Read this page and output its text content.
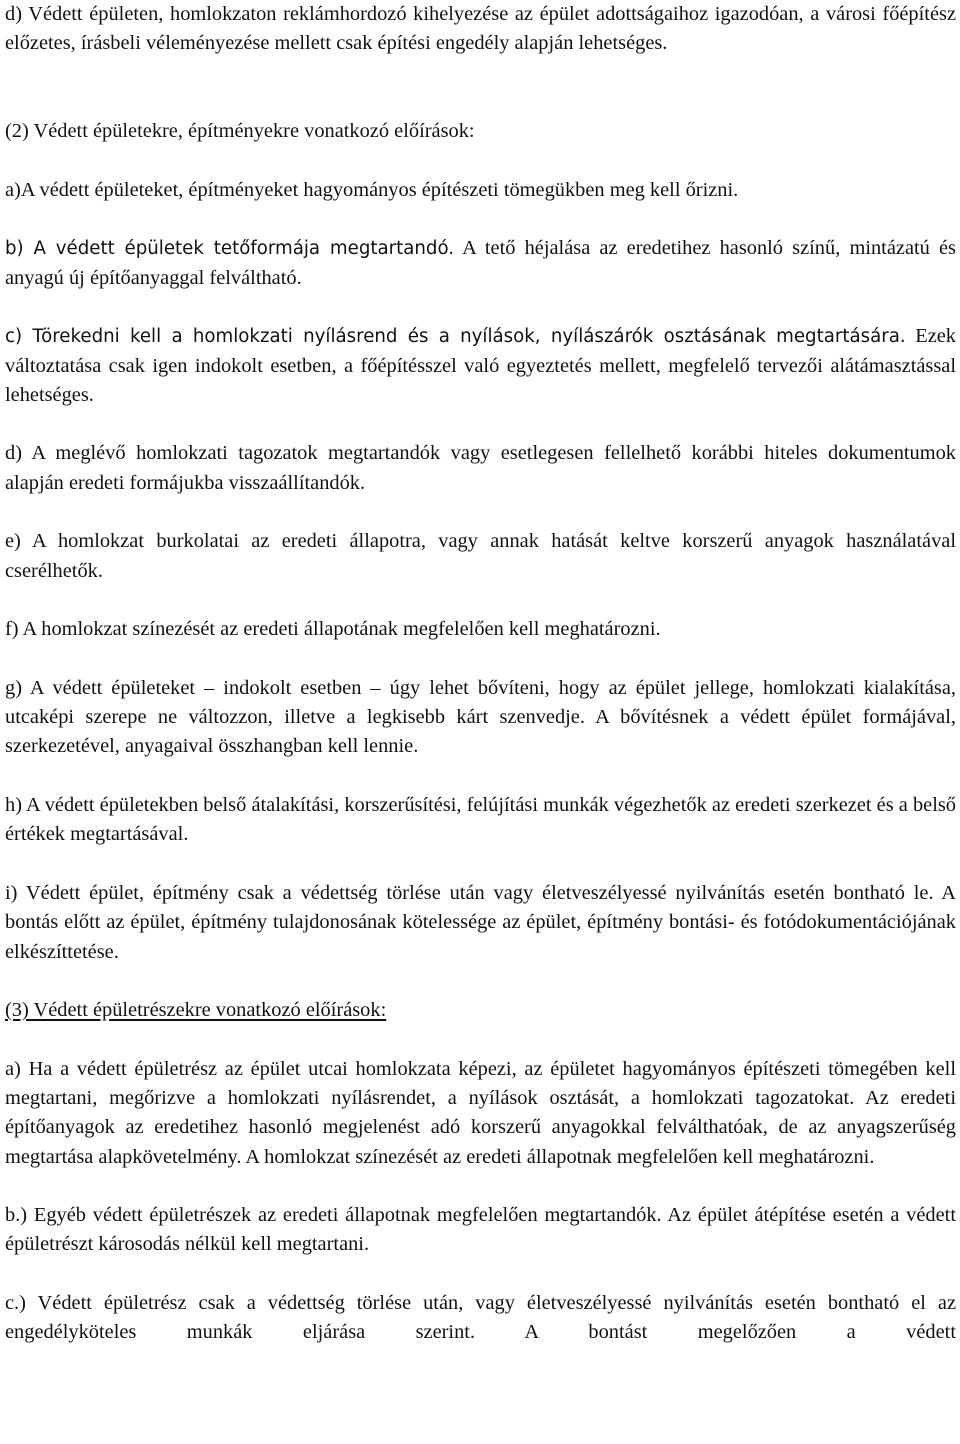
d) Védett épületen, homlokzaton reklámhordozó kihelyezése az épület adottságaihoz igazodóan, a városi főépítész előzetes, írásbeli véleményezése mellett csak építési engedély alapján lehetséges.

(2) Védett épületekre, építményekre vonatkozó előírások:

a)A védett épületeket, építményeket hagyományos építészeti tömegükben meg kell őrizni.

b) A védett épületek tetőformája megtartandó. A tető héjalása az eredetihez hasonló színű, mintázatú és anyagú új építőanyaggal felváltható.

c) Törekedni kell a homlokzati nyílásrend és a nyílások, nyílászárók osztásának megtartására. Ezek változtatása csak igen indokolt esetben, a főépítésszel való egyeztetés mellett, megfelelő tervezői alátámasztással lehetséges.

d) A meglévő homlokzati tagozatok megtartandók vagy esetlegesen fellelhető korábbi hiteles dokumentumok alapján eredeti formájukba visszaállítandók.

e) A homlokzat burkolatai az eredeti állapotra, vagy annak hatását keltve korszerű anyagok használatával cserélhetők.

f) A homlokzat színezését az eredeti állapotának megfelelően kell meghatározni.

g) A védett épületeket – indokolt esetben – úgy lehet bővíteni, hogy az épület jellege, homlokzati kialakítása, utcaképi szerepe ne változzon, illetve a legkisebb kárt szenvedje. A bővítésnek a védett épület formájával, szerkezetével, anyagaival összhangban kell lennie.

h) A védett épületekben belső átalakítási, korszerűsítési, felújítási munkák végezhetők az eredeti szerkezet és a belső értékek megtartásával.

i) Védett épület, építmény csak a védettség törlése után vagy életveszélyessé nyilvánítás esetén bontható le. A bontás előtt az épület, építmény tulajdonosának kötelessége az épület, építmény bontási- és fotódokumentációjának elkészíttetése.

(3) Védett épületrészekre vonatkozó előírások:

a) Ha a védett épületrész az épület utcai homlokzata képezi, az épületet hagyományos építészeti tömegében kell megtartani, megőrizve a homlokzati nyílásrendet, a nyílások osztását, a homlokzati tagozatokat. Az eredeti építőanyagok az eredetihez hasonló megjelenést adó korszerű anyagokkal felválthatóak, de az anyagszerűség megtartása alapkövetelmény. A homlokzat színezését az eredeti állapotnak megfelelően kell meghatározni.

b.) Egyéb védett épületrészek az eredeti állapotnak megfelelően megtartandók. Az épület átépítése esetén a védett épületrészt károsodás nélkül kell megtartani.

c.) Védett épületrész csak a védettség törlése után, vagy életveszélyessé nyilvánítás esetén bontható el az engedélyköteles munkák eljárása szerint. A bontást megelőzően a védett
